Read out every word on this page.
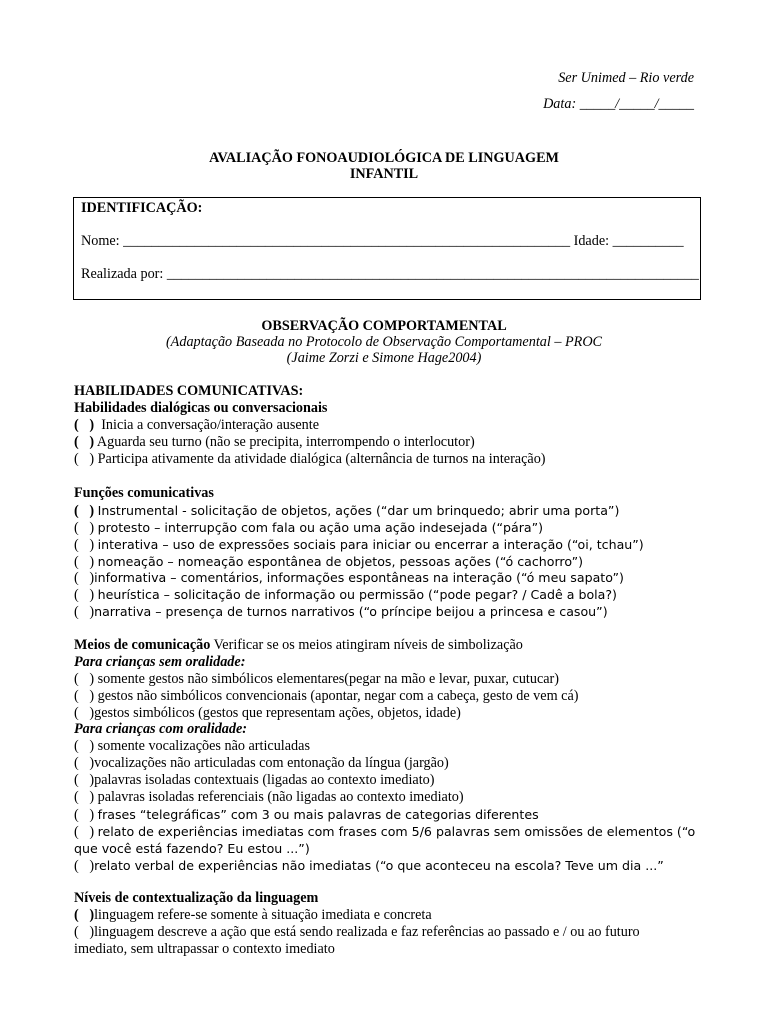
Ser Unimed – Rio verde
Data: _____/_____/_____
AVALIAÇÃO FONOAUDIOLÓGICA DE LINGUAGEM
INFANTIL
IDENTIFICAÇÃO:
Nome: _______________________________________________________________ Idade: __________
Realizada por: ___________________________________________________________________________
OBSERVAÇÃO COMPORTAMENTAL
(Adaptação Baseada no Protocolo de Observação Comportamental – PROC
(Jaime Zorzi e Simone Hage2004)
HABILIDADES COMUNICATIVAS:
Habilidades dialógicas ou conversacionais
(   ) Inicia a conversação/interação ausente
(   ) Aguarda seu turno (não se precipita, interrompendo o interlocutor)
(   ) Participa ativamente da atividade dialógica (alternância de turnos na interação)
Funções comunicativas
(   ) Instrumental - solicitação de objetos, ações (“dar um brinquedo; abrir uma porta”)
(   ) protesto – interrupção com fala ou ação uma ação indesejada (“pára”)
(   ) interativa – uso de expressões sociais para iniciar ou encerrar a interação (“oi, tchau”)
(   ) nomeação – nomeação espontânea de objetos, pessoas ações (“ó cachorro”)
(   )informativa – comentários, informações espontâneas na interação (“ó meu sapato”)
(   ) heurística – solicitação de informação ou permissão (“pode pegar? / Cadê a bola?)
(   )narrativa – presença de turnos narrativos (“o príncipe beijou a princesa e casou”)
Meios de comunicação Verificar se os meios atingiram níveis de simbolização
Para crianças sem oralidade:
(   ) somente gestos não simbólicos elementares(pegar na mão e levar, puxar, cutucar)
(   ) gestos não simbólicos convencionais (apontar, negar com a cabeça, gesto de vem cá)
(   )gestos simbólicos (gestos que representam ações, objetos, idade)
Para crianças com oralidade:
(   ) somente vocalizações não articuladas
(   )vocalizações não articuladas com entonação da língua (jargão)
(   )palavras isoladas contextuais (ligadas ao contexto imediato)
(   ) palavras isoladas referenciais (não ligadas ao contexto imediato)
(   ) frases “telegráficas” com 3 ou mais palavras de categorias diferentes
(   ) relato de experiências imediatas com frases com 5/6 palavras sem omissões de elementos (“o
que você está fazendo? Eu estou ...”)
(   )relato verbal de experiências não imediatas (“o que aconteceu na escola? Teve um dia ...”
Níveis de contextualização da linguagem
(   )linguagem refere-se somente à situação imediata e concreta
(   )linguagem descreve a ação que está sendo realizada e faz referências ao passado e / ou ao futuro
imediato, sem ultrapassar o contexto imediato
